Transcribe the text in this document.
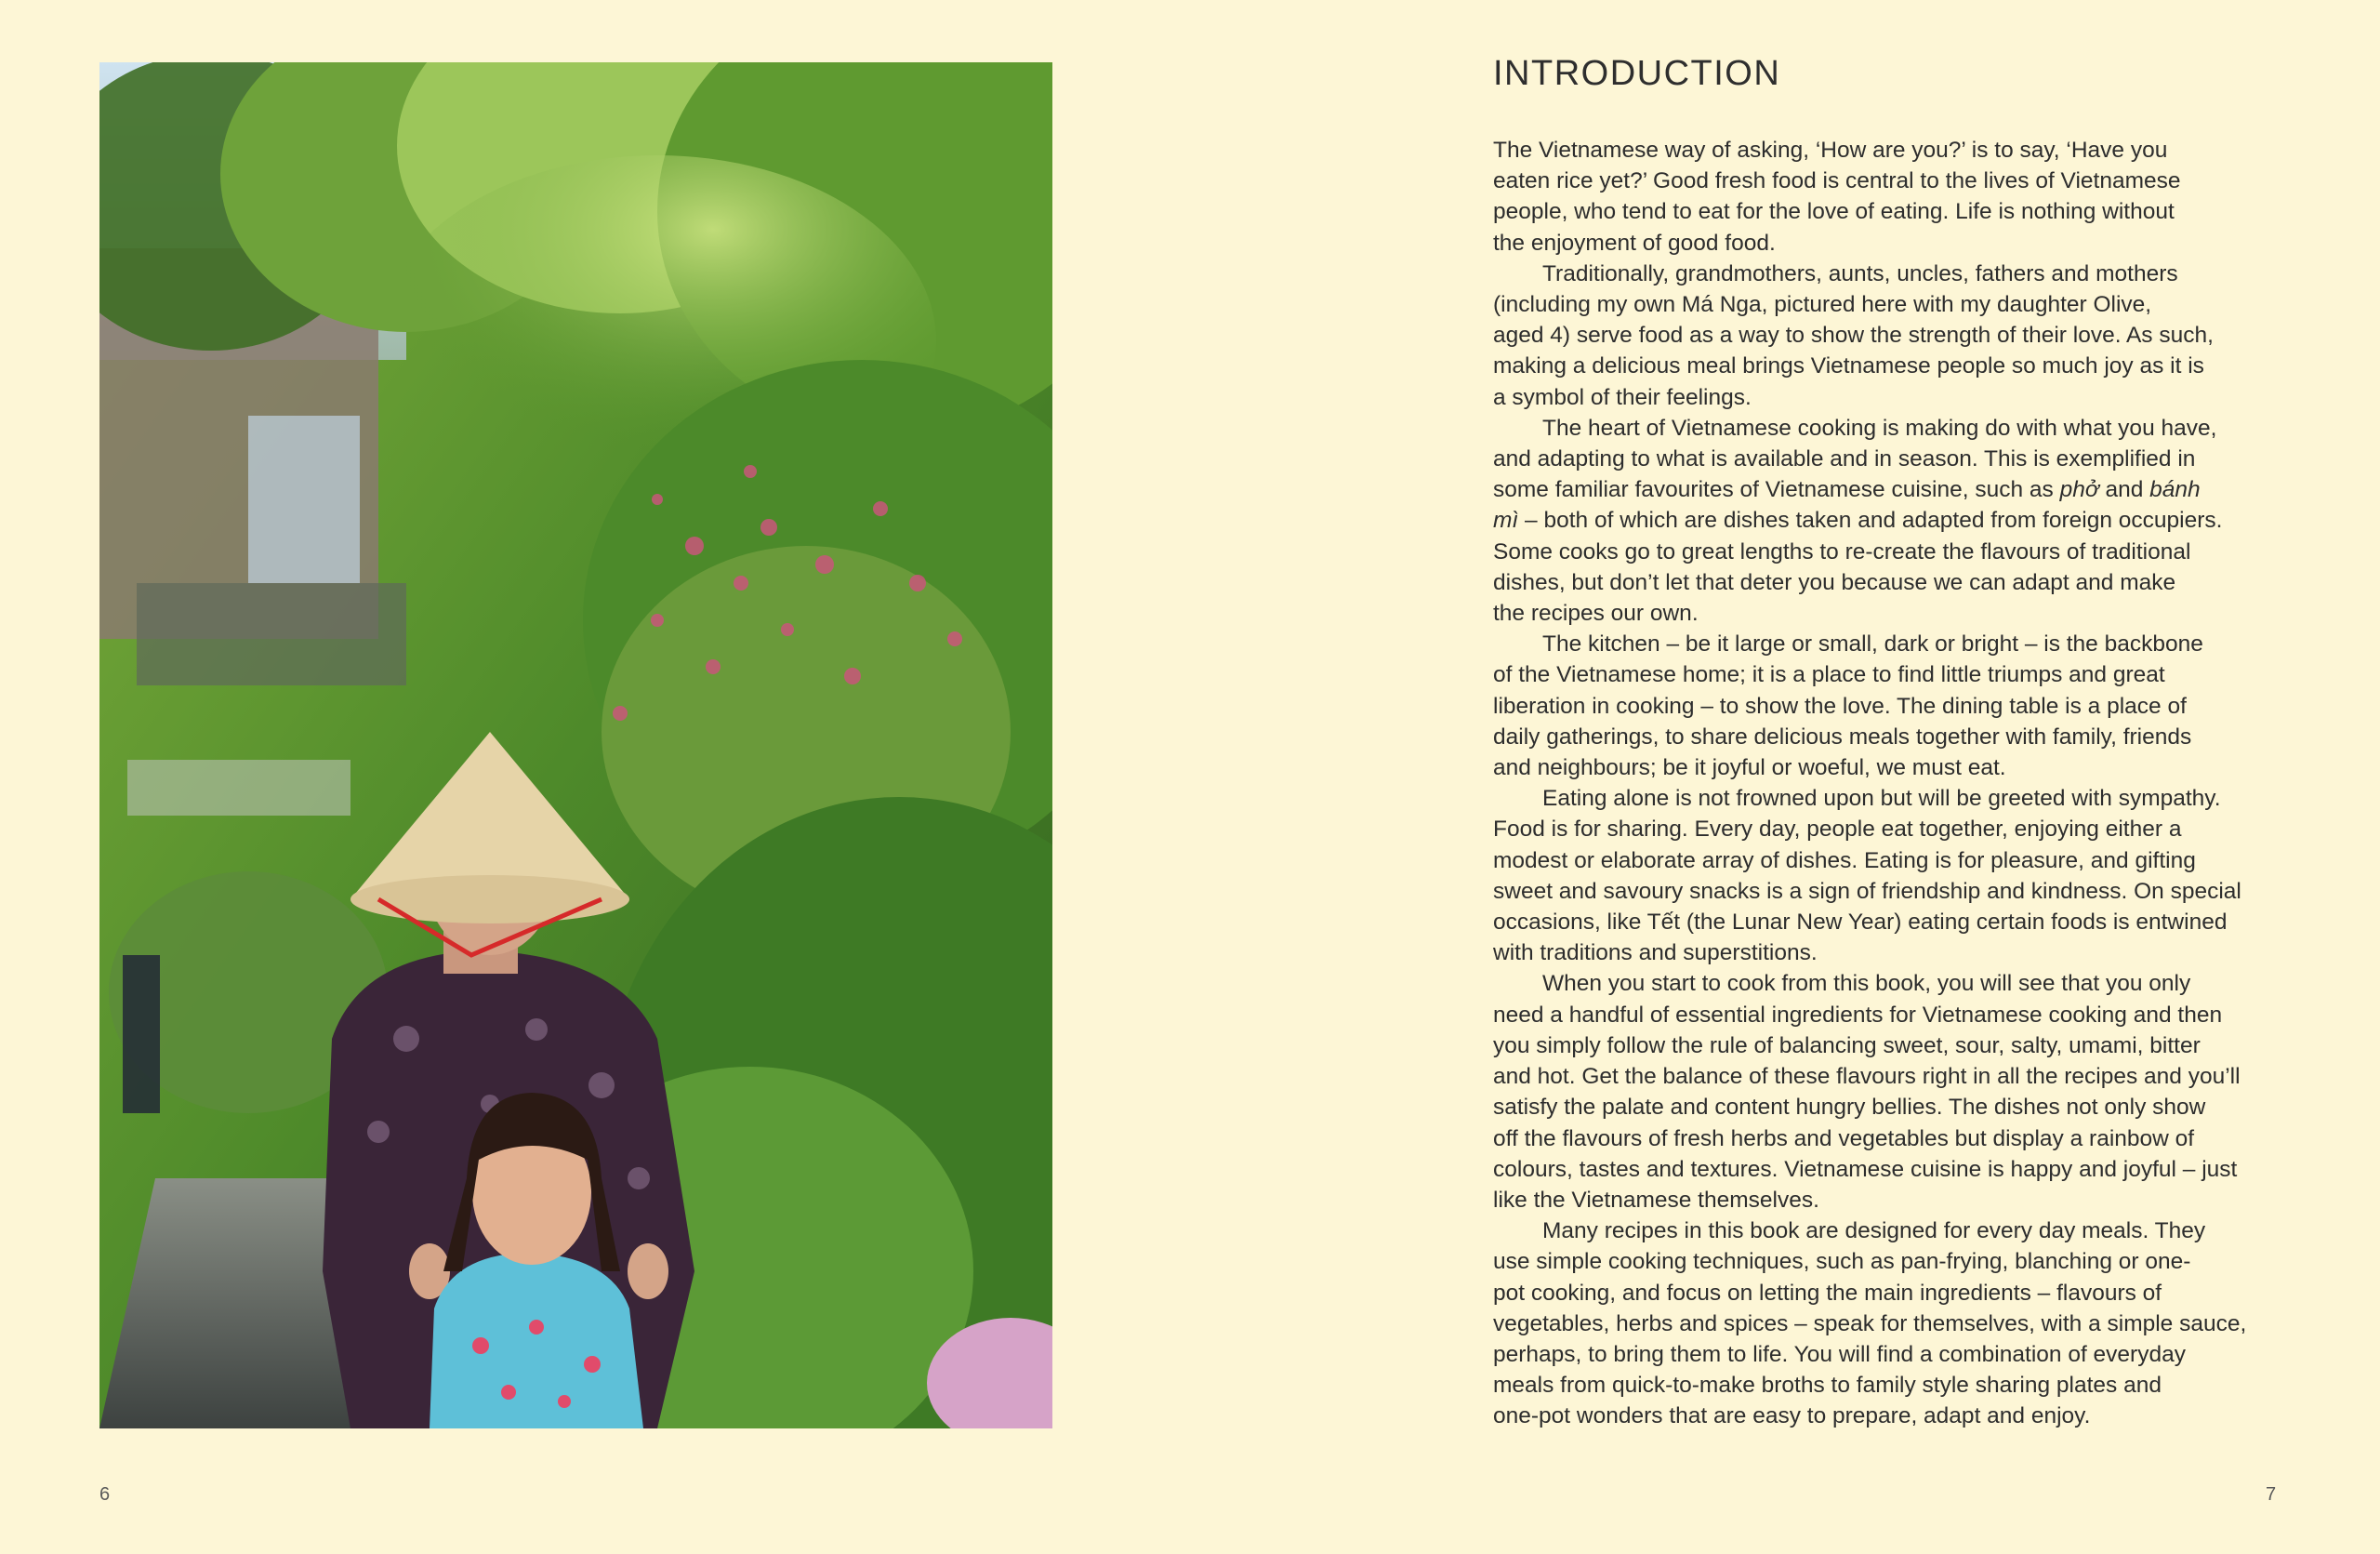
INTRODUCTION

The Vietnamese way of asking, ‘How are you?’ is to say, ‘Have you
eaten rice yet?’ Good fresh food is central to the lives of Vietnamese
people, who tend to eat for the love of eating. Life is nothing without
the enjoyment of good food.

Traditionally, grandmothers, aunts, uncles, fathers and mothers
(including my own Má Nga, pictured here with my daughter Olive,
aged 4) serve food as a way to show the strength of their love. As such,
making a delicious meal brings Vietnamese people so much joy as it is
a symbol of their feelings.

The heart of Vietnamese cooking is making do with what you have,
and adapting to what is available and in season. This is exemplified in
some familiar favourites of Vietnamese cuisine, such as phở and bánh
mì – both of which are dishes taken and adapted from foreign occupiers.
Some cooks go to great lengths to re-create the flavours of traditional
dishes, but don’t let that deter you because we can adapt and make
the recipes our own.

The kitchen – be it large or small, dark or bright – is the backbone
of the Vietnamese home; it is a place to find little triumps and great
liberation in cooking – to show the love. The dining table is a place of
daily gatherings, to share delicious meals together with family, friends
and neighbours; be it joyful or woeful, we must eat.

Eating alone is not frowned upon but will be greeted with sympathy.
Food is for sharing. Every day, people eat together, enjoying either a
modest or elaborate array of dishes. Eating is for pleasure, and gifting
sweet and savoury snacks is a sign of friendship and kindness. On special
occasions, like Tết (the Lunar New Year) eating certain foods is entwined
with traditions and superstitions.

When you start to cook from this book, you will see that you only
need a handful of essential ingredients for Vietnamese cooking and then
you simply follow the rule of balancing sweet, sour, salty, umami, bitter
and hot. Get the balance of these flavours right in all the recipes and you’ll
satisfy the palate and content hungry bellies. The dishes not only show
off the flavours of fresh herbs and vegetables but display a rainbow of
colours, tastes and textures. Vietnamese cuisine is happy and joyful – just
like the Vietnamese themselves.

Many recipes in this book are designed for every day meals. They
use simple cooking techniques, such as pan-frying, blanching or one-
pot cooking, and focus on letting the main ingredients – flavours of
vegetables, herbs and spices – speak for themselves, with a simple sauce,
perhaps, to bring them to life. You will find a combination of everyday
meals from quick-to-make broths to family style sharing plates and
one-pot wonders that are easy to prepare, adapt and enjoy.

6	7
